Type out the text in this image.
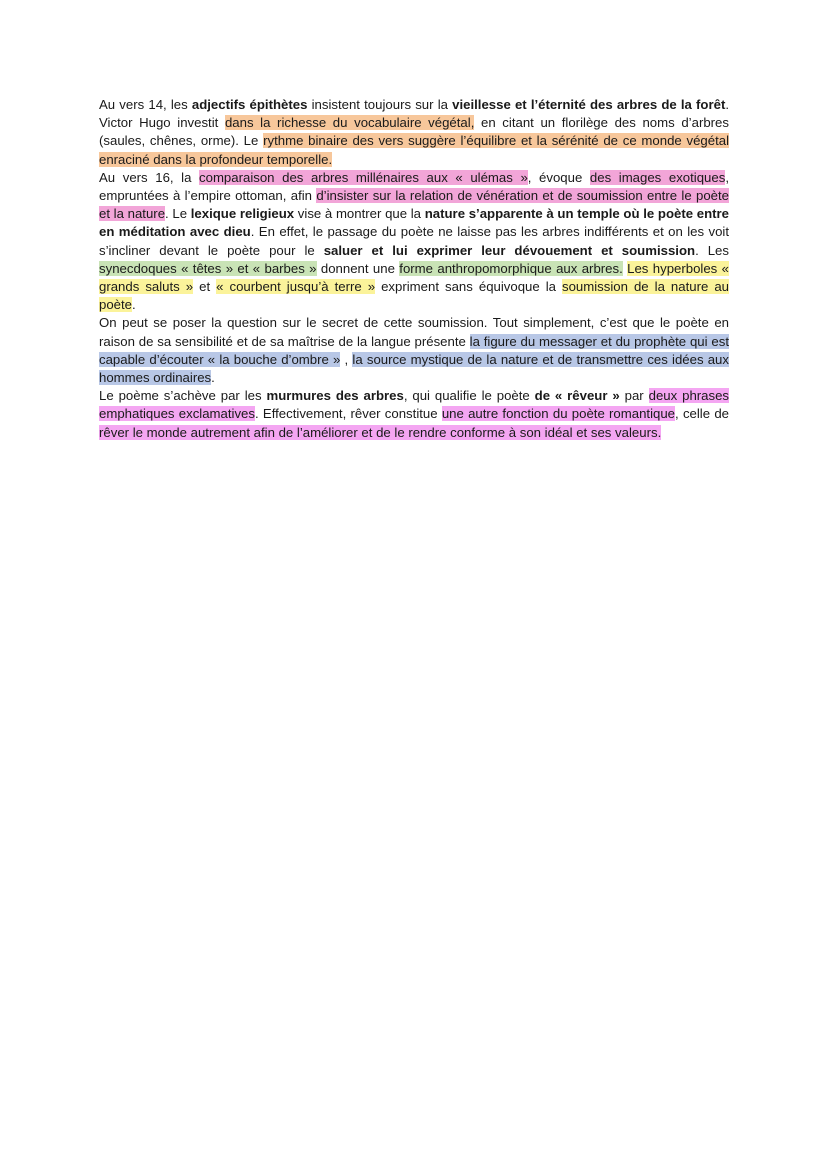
Au vers 14, les adjectifs épithètes insistent toujours sur la vieillesse et l’éternité des arbres de la forêt. Victor Hugo investit dans la richesse du vocabulaire végétal, en citant un florilège des noms d’arbres (saules, chênes, orme). Le rythme binaire des vers suggère l’équilibre et la sérénité de ce monde végétal enraciné dans la profondeur temporelle.

Au vers 16, la comparaison des arbres millénaires aux « ulémas », évoque des images exotiques, empruntées à l’empire ottoman, afin d’insister sur la relation de vénération et de soumission entre le poète et la nature. Le lexique religieux vise à montrer que la nature s’apparente à un temple où le poète entre en méditation avec dieu. En effet, le passage du poète ne laisse pas les arbres indifférents et on les voit s’incliner devant le poète pour le saluer et lui exprimer leur dévouement et soumission. Les synecdoques « têtes » et « barbes » donnent une forme anthropomorphique aux arbres. Les hyperboles « grands saluts » et « courbent jusqu’à terre » expriment sans équivoque la soumission de la nature au poète.

On peut se poser la question sur le secret de cette soumission. Tout simplement, c’est que le poète en raison de sa sensibilité et de sa maîtrise de la langue présente la figure du messager et du prophète qui est capable d’écouter « la bouche d’ombre » , la source mystique de la nature et de transmettre ces idées aux hommes ordinaires.

Le poème s’achève par les murmures des arbres, qui qualifie le poète de « rêveur » par deux phrases emphatiques exclamatives. Effectivement, rêver constitue une autre fonction du poète romantique, celle de rêver le monde autrement afin de l’améliorer et de le rendre conforme à son idéal et ses valeurs.
